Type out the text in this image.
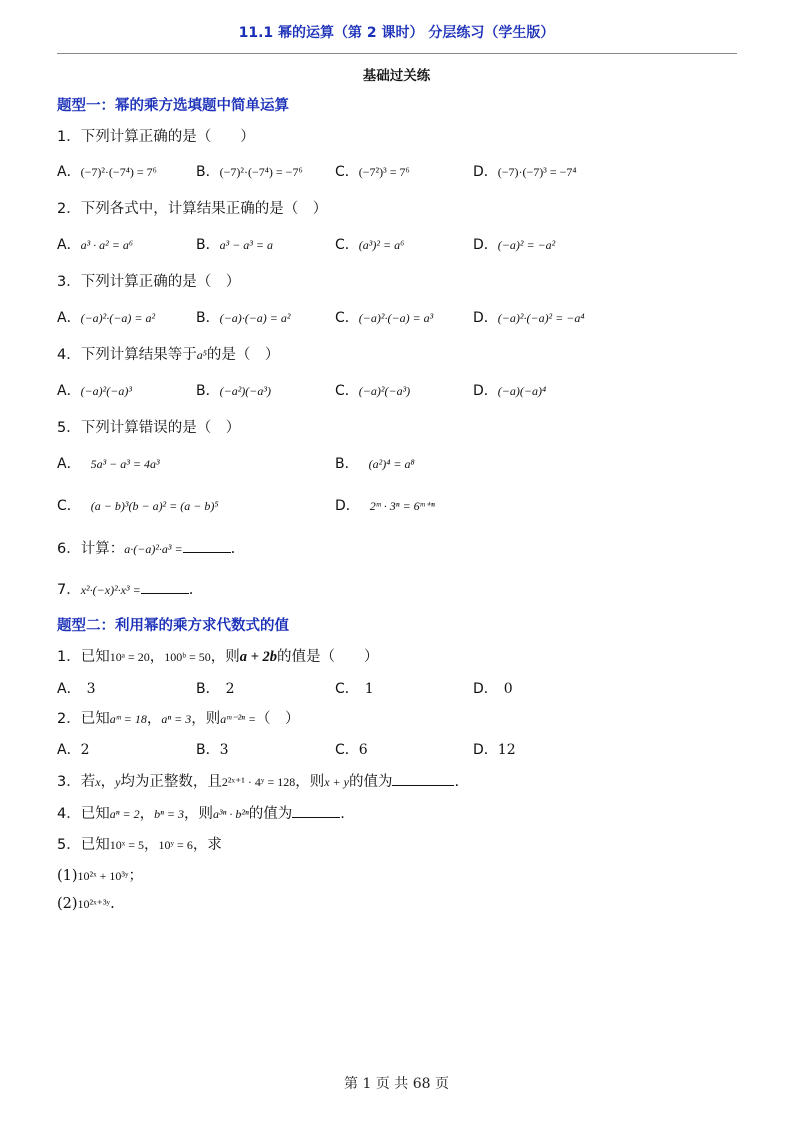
11.1 幂的运算（第 2 课时） 分层练习（学生版）
基础过关练
题型一：幂的乘方选填题中简单运算
1．下列计算正确的是（　　）
A．(−7)²·(−7⁴) = 7⁶	B．(−7)²·(−7⁴) = −7⁶ C．(−7²)³ = 7⁶	D．(−7)·(−7)³ = −7⁴
2．下列各式中，计算结果正确的是（　）
A．a³ · a² = a⁶	B．a³ − a³ = a	C．(a³)² = a⁶	D．(−a)² = −a²
3．下列计算正确的是（　）
A．(−a)²·(−a) = a²	B．(−a)·(−a) = a²	C．(−a)²·(−a) = a³	D．(−a)²·(−a)² = −a⁴
4．下列计算结果等于a⁵的是（　）
A．(−a)²(−a)³	B．(−a²)(−a³)	C．(−a)²(−a³)	D．(−a)(−a)⁴
5．下列计算错误的是（　）
A． 5a³ − a³ = 4a³	B． (a²)⁴ = a⁸
C． (a − b)³(b − a)² = (a − b)⁵	D． 2ᵐ · 3ⁿ = 6ᵐ⁺ⁿ
6．计算：a·(−a)²·a³ =	.
7．x²·(−x)²·x³ =	.
题型二：利用幂的乘方求代数式的值
1．已知10ᵃ = 20，100ᵇ = 50，则a + 2b的值是（　　）
A． 3	B． 2	C． 1	D． 0
2．已知aᵐ = 18，aⁿ = 3，则aᵐ⁻²ⁿ =（　）
A．2	B．3	C．6	D．12
3．若x，y均为正整数，且2²ˣ⁺¹ · 4ʸ = 128，则x + y的值为	.
4．已知aⁿ = 2，bⁿ = 3，则a³ⁿ · b²ⁿ的值为	.
5．已知10ˣ = 5，10ʸ = 6，求
(1)10²ˣ + 10³ʸ；
(2)10²ˣ⁺³ʸ.
第 1 页 共 68 页
